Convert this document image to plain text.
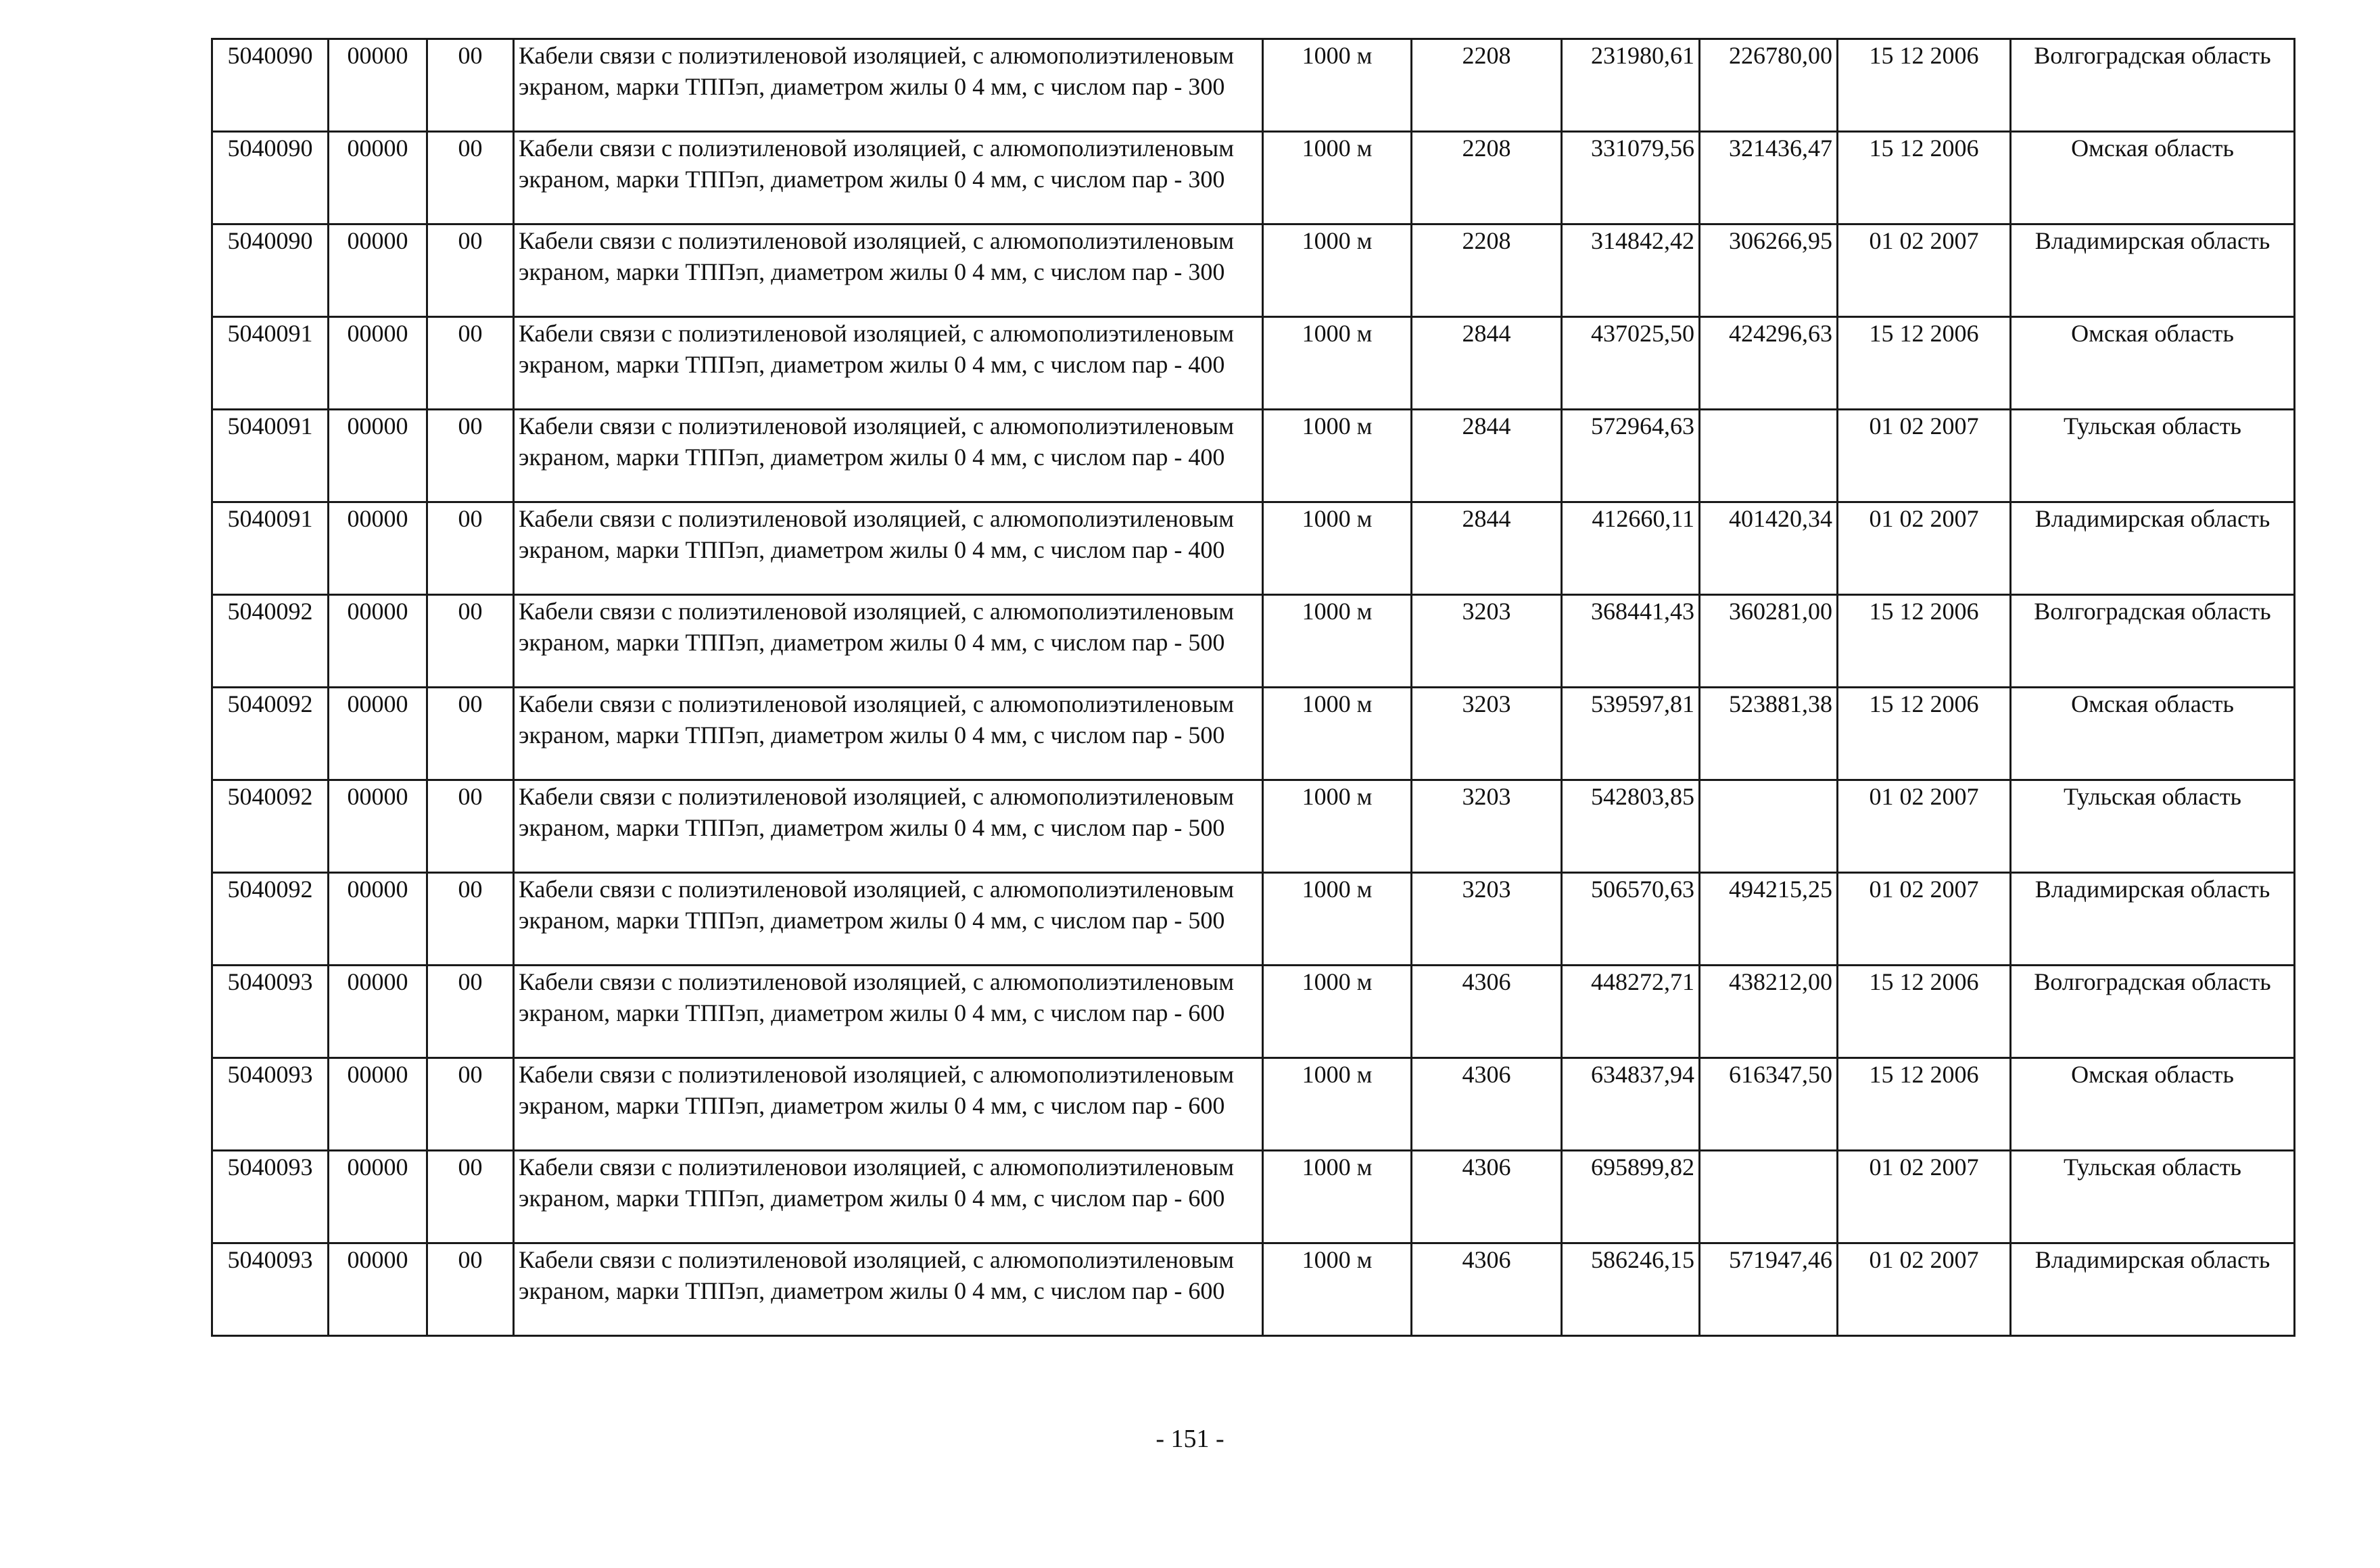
5040090	00000	00	Кабели связи с полиэтиленовой изоляцией, с алюмополиэтиленовым экраном, марки ТППэп, диаметром жилы 0 4 мм, с числом пар - 300	1000 м	2208	231980,61	226780,00	15 12 2006	Волгоградская область
5040090	00000	00	Кабели связи с полиэтиленовой изоляцией, с алюмополиэтиленовым экраном, марки ТППэп, диаметром жилы 0 4 мм, с числом пар - 300	1000 м	2208	331079,56	321436,47	15 12 2006	Омская область
5040090	00000	00	Кабели связи с полиэтиленовой изоляцией, с алюмополиэтиленовым экраном, марки ТППэп, диаметром жилы 0 4 мм, с числом пар - 300	1000 м	2208	314842,42	306266,95	01 02 2007	Владимирская область
5040091	00000	00	Кабели связи с полиэтиленовой изоляцией, с алюмополиэтиленовым экраном, марки ТППэп, диаметром жилы 0 4 мм, с числом пар - 400	1000 м	2844	437025,50	424296,63	15 12 2006	Омская область
5040091	00000	00	Кабели связи с полиэтиленовой изоляцией, с алюмополиэтиленовым экраном, марки ТППэп, диаметром жилы 0 4 мм, с числом пар - 400	1000 м	2844	572964,63		01 02 2007	Тульская область
5040091	00000	00	Кабели связи с полиэтиленовой изоляцией, с алюмополиэтиленовым экраном, марки ТППэп, диаметром жилы 0 4 мм, с числом пар - 400	1000 м	2844	412660,11	401420,34	01 02 2007	Владимирская область
5040092	00000	00	Кабели связи с полиэтиленовой изоляцией, с алюмополиэтиленовым экраном, марки ТППэп, диаметром жилы 0 4 мм, с числом пар - 500	1000 м	3203	368441,43	360281,00	15 12 2006	Волгоградская область
5040092	00000	00	Кабели связи с полиэтиленовой изоляцией, с алюмополиэтиленовым экраном, марки ТППэп, диаметром жилы 0 4 мм, с числом пар - 500	1000 м	3203	539597,81	523881,38	15 12 2006	Омская область
5040092	00000	00	Кабели связи с полиэтиленовой изоляцией, с алюмополиэтиленовым экраном, марки ТППэп, диаметром жилы 0 4 мм, с числом пар - 500	1000 м	3203	542803,85		01 02 2007	Тульская область
5040092	00000	00	Кабели связи с полиэтиленовой изоляцией, с алюмополиэтиленовым экраном, марки ТППэп, диаметром жилы 0 4 мм, с числом пар - 500	1000 м	3203	506570,63	494215,25	01 02 2007	Владимирская область
5040093	00000	00	Кабели связи с полиэтиленовой изоляцией, с алюмополиэтиленовым экраном, марки ТППэп, диаметром жилы 0 4 мм, с числом пар - 600	1000 м	4306	448272,71	438212,00	15 12 2006	Волгоградская область
5040093	00000	00	Кабели связи с полиэтиленовой изоляцией, с алюмополиэтиленовым экраном, марки ТППэп, диаметром жилы 0 4 мм, с числом пар - 600	1000 м	4306	634837,94	616347,50	15 12 2006	Омская область
5040093	00000	00	Кабели связи с полиэтиленовои изоляцией, с алюмополиэтиленовым экраном, марки ТППэп, диаметром жилы 0 4 мм, с числом пар - 600	1000 м	4306	695899,82		01 02 2007	Тульская область
5040093	00000	00	Кабели связи с полиэтиленовой изоляцией, с алюмополиэтиленовым экраном, марки ТППэп, диаметром жилы 0 4 мм, с числом пар - 600	1000 м	4306	586246,15	571947,46	01 02 2007	Владимирская область
- 151 -
